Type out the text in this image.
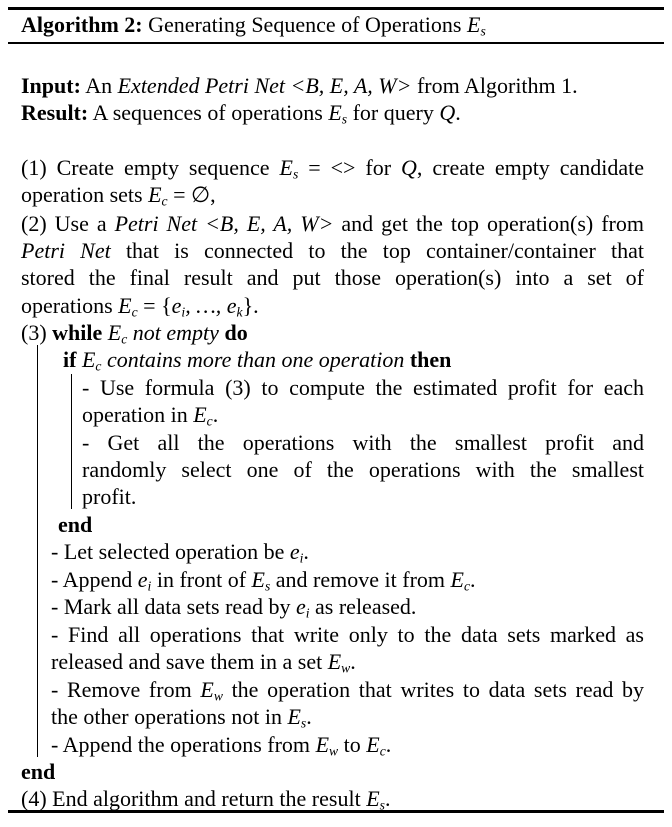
Algorithm 2: Generating Sequence of Operations $E_s$
Input: An Extended Petri Net <B, E, A, W> from Algorithm 1.
Result: A sequences of operations $E_s$ for query Q.
(1) Create empty sequence $E_s$ = <> for Q, create empty candidate
operation sets $E_c$ = ∅,
(2) Use a Petri Net <B, E, A, W> and get the top operation(s) from
Petri Net that is connected to the top container/container that
stored the final result and put those operation(s) into a set of
operations $E_c = \{e_i$, …, $e_k$}.
(3) while $E_c$ not empty do
if $E_c$ contains more than one operation then
- Use formula (3) to compute the estimated profit for each
operation in $E_c$.
- Get all the operations with the smallest profit and
randomly select one of the operations with the smallest
profit.
end
- Let selected operation be $e_i$.
- Append $e_i$ in front of $E_s$ and remove it from $E_c$.
- Mark all data sets read by $e_i$ as released.
- Find all operations that write only to the data sets marked as
released and save them in a set $E_w$.
- Remove from $E_w$ the operation that writes to data sets read by
the other operations not in $E_s$.
- Append the operations from $E_w$ to $E_c$.
end
(4) End algorithm and return the result $E_s$.
